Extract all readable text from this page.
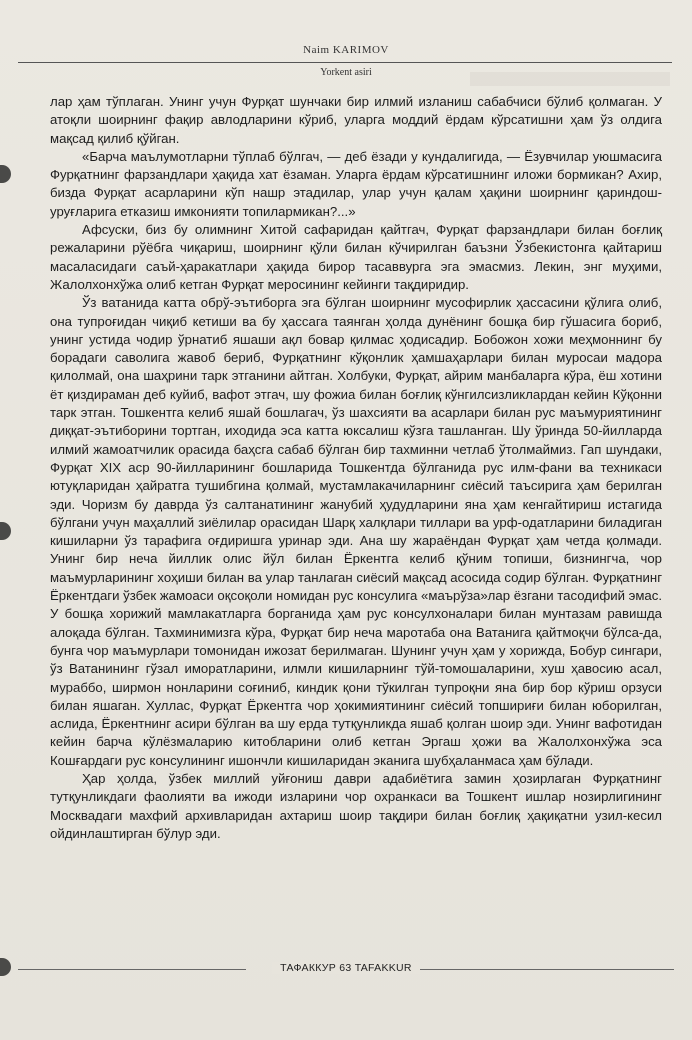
Naim KARIMOV
Yorkent asiri

лар ҳам тўплаган. Унинг учун Фурқат шунчаки бир илмий изланиш сабабчиси бўлиб қолмаган. У атоқли шоирнинг фақир авлодларини кўриб, уларга моддий ёрдам кўрсатишни ҳам ўз олдига мақсад қилиб қўйган.

«Барча маълумотларни тўплаб бўлгач, — деб ёзади у кундалигида, — Ёзувчилар уюшмасига Фурқатнинг фарзандлари ҳақида хат ёзаман. Уларга ёрдам кўрсатишнинг иложи бормикан? Ахир, бизда Фурқат асарларини кўп нашр этадилар, улар учун қалам ҳақини шоирнинг қариндош-уруғларига етказиш имконияти топилармикан?...»

Афсуски, биз бу олимнинг Хитой сафаридан қайтгач, Фурқат фарзандлари билан боғлиқ режаларини рўёбга чиқариш, шоирнинг қўли билан кўчирилган баъзни Ўзбекистонга қайтариш масаласидаги саъй-ҳаракатлари ҳақида бирор тасаввурга эга эмасмиз. Лекин, энг муҳими, Жалолхонхўжа олиб кетган Фурқат меросининг кейинги тақдиридир.

Ўз ватанида катта обрў-эътиборга эга бўлган шоирнинг мусофирлик ҳассасини қўлига олиб, она тупроғидан чиқиб кетиши ва бу ҳассага таянган ҳолда дунёнинг бошқа бир гўшасига бориб, унинг устида чодир ўрнатиб яшаши ақл бовар қилмас ҳодисадир. Бобожон хожи меҳмоннинг бу борадаги саволига жавоб бериб, Фурқатнинг кўқонлик ҳамшаҳарлари билан муросаи мадора қилолмай, она шаҳрини тарк этганини айтган. Холбуки, Фурқат, айрим манбаларга кўра, ёш хотини ёт қиздираман деб куйиб, вафот этгач, шу фожиа билан боғлиқ кўнгилсизликлардан кейин Кўқонни тарк этган. Тошкентга келиб яшай бошлагач, ўз шахсияти ва асарлари билан рус маъмуриятининг диққат-эътиборини тортган, иходида эса катта юксалиш кўзга ташланган. Шу ўринда 50-йилларда илмий жамоатчилик орасида баҳсга сабаб бўлган бир тахминни четлаб ўтолмаймиз. Гап шундаки, Фурқат XIX аср 90-йилларининг бошларида Тошкентда бўлганида рус илм-фани ва техникаси ютуқларидан ҳайратга тушибгина қолмай, мустамлакачиларнинг сиёсий таъсирига ҳам берилган эди. Чоризм бу даврда ўз салтанатининг жанубий ҳудудларини яна ҳам кенгайтириш истагида бўлгани учун маҳаллий зиёлилар орасидан Шарқ халқлари тиллари ва урф-одатларини биладиган кишиларни ўз тарафига оғдиришга уринар эди. Ана шу жараёндан Фурқат ҳам четда қолмади. Унинг бир неча йиллик олис йўл билан Ёркентга келиб қўним топиши, бизнингча, чор маъмурларининг хоҳиши билан ва улар танлаган сиёсий мақсад асосида содир бўлган. Фурқатнинг Ёркентдаги ўзбек жамоаси оқсоқоли номидан рус консулига «маърўза»лар ёзгани тасодифий эмас. У бошқа хорижий мамлакатларга борганида ҳам рус консулхоналари билан мунтазам равишда алоқада бўлган. Тахминимизга кўра, Фурқат бир неча маротаба она Ватанига қайтмоқчи бўлса-да, бунга чор маъмурлари томонидан ижозат берилмаган. Шунинг учун ҳам у хорижда, Бобур сингари, ўз Ватанининг гўзал иморатларини, илмли кишиларнинг тўй-томошаларини, хуш ҳавосию асал, мураббо, ширмон нонларини соғиниб, киндик қони тўкилган тупроқни яна бир бор кўриш орзуси билан яшаган. Хуллас, Фурқат Ёркентга чор ҳокимиятининг сиёсий топшириғи билан юборилган, аслида, Ёркентнинг асири бўлган ва шу ерда тутқунликда яшаб қолган шоир эди. Унинг вафотидан кейин барча кўлёзмаларию китобларини олиб кетган Эргаш ҳожи ва Жалолхонхўжа эса Кошғардаги рус консулининг ишончли кишиларидан эканига шубҳаланмаса ҳам бўлади.

Ҳар ҳолда, ўзбек миллий уйғониш даври адабиётига замин ҳозирлаган Фурқатнинг тутқунликдаги фаолияти ва ижоди изларини чор охранкаси ва Тошкент ишлар нозирлигининг Москвадаги махфий архивларидан ахтариш шоир тақдири билан боғлиқ ҳақиқатни узил-кесил ойдинлаштирган бўлур эди.

ТАФАККУР 63 TAFAKKUR
